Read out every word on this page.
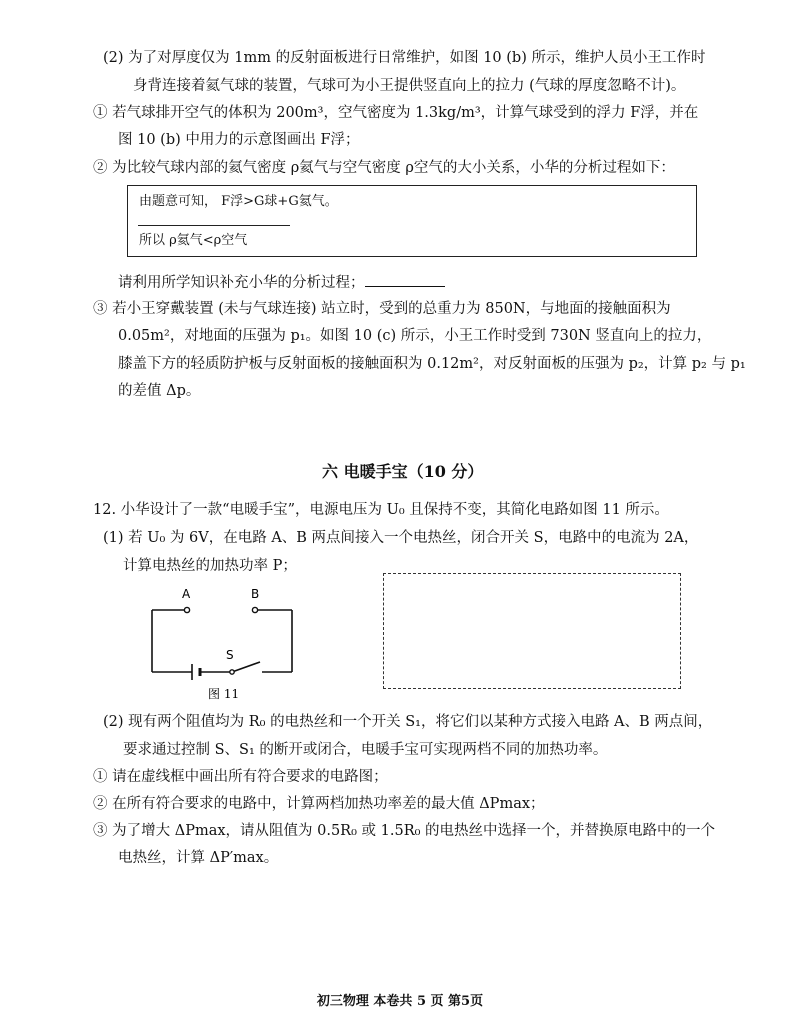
(2) 为了对厚度仅为 1mm 的反射面板进行日常维护，如图 10 (b) 所示，维护人员小王工作时
身背连接着氦气球的装置，气球可为小王提供竖直向上的拉力 (气球的厚度忽略不计)。
① 若气球排开空气的体积为 200m³，空气密度为 1.3kg/m³，计算气球受到的浮力 F浮，并在
图 10 (b) 中用力的示意图画出 F浮；
② 为比较气球内部的氦气密度 ρ氦气与空气密度 ρ空气的大小关系，小华的分析过程如下：
由题意可知， F浮>G球+G氦气。
所以 ρ氦气<ρ空气
请利用所学知识补充小华的分析过程；
③ 若小王穿戴装置 (未与气球连接) 站立时，受到的总重力为 850N，与地面的接触面积为
0.05m²，对地面的压强为 p₁。如图 10 (c) 所示，小王工作时受到 730N 竖直向上的拉力，
膝盖下方的轻质防护板与反射面板的接触面积为 0.12m²，对反射面板的压强为 p₂，计算 p₂ 与 p₁
的差值 Δp。
六 电暖手宝（10 分）
12. 小华设计了一款“电暖手宝”，电源电压为 U₀ 且保持不变，其简化电路如图 11 所示。
(1) 若 U₀ 为 6V，在电路 A、B 两点间接入一个电热丝，闭合开关 S，电路中的电流为 2A，
计算电热丝的加热功率 P；
A	B
S
图 11
(2) 现有两个阻值均为 R₀ 的电热丝和一个开关 S₁，将它们以某种方式接入电路 A、B 两点间，
要求通过控制 S、S₁ 的断开或闭合，电暖手宝可实现两档不同的加热功率。
① 请在虚线框中画出所有符合要求的电路图；
② 在所有符合要求的电路中，计算两档加热功率差的最大值 ΔPmax；
③ 为了增大 ΔPmax，请从阻值为 0.5R₀ 或 1.5R₀ 的电热丝中选择一个，并替换原电路中的一个
电热丝，计算 ΔP′max。
初三物理 本卷共 5 页 第5页
